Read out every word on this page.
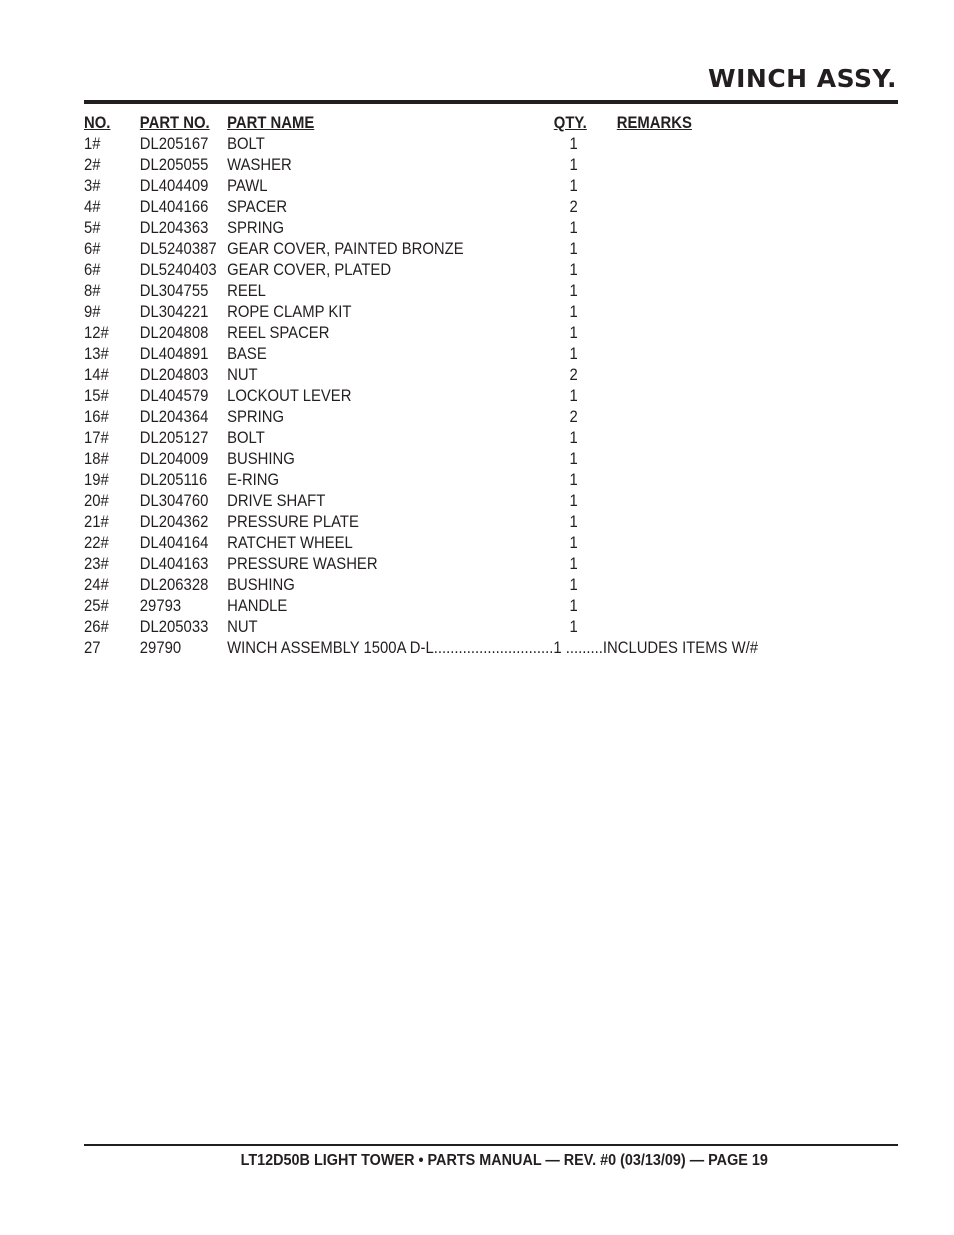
WINCH ASSY.
NO. PART NO. PART NAME	QTY. REMARKS
1# DL205167 BOLT	1
2# DL205055 WASHER	1
3# DL404409 PAWL	1
4# DL404166 SPACER	2
5# DL204363 SPRING	1
6# DL5240387 GEAR COVER, PAINTED BRONZE	1
6# DL5240403 GEAR COVER, PLATED	1
8# DL304755 REEL	1
9# DL304221 ROPE CLAMP KIT	1
12# DL204808 REEL SPACER	1
13# DL404891 BASE	1
14# DL204803 NUT	2
15# DL404579 LOCKOUT LEVER	1
16# DL204364 SPRING	2
17# DL205127 BOLT	1
18# DL204009 BUSHING	1
19# DL205116 E-RING	1
20# DL304760 DRIVE SHAFT	1
21# DL204362 PRESSURE PLATE	1
22# DL404164 RATCHET WHEEL	1
23# DL404163 PRESSURE WASHER	1
24# DL206328 BUSHING	1
25# 29793	HANDLE	1
26# DL205033 NUT	1
27 29790	WINCH ASSEMBLY 1500A D-L.............................1 .........INCLUDES ITEMS W/#
LT12D50B LIGHT TOWER • PARTS MANUAL — REV. #0 (03/13/09) — PAGE 19
